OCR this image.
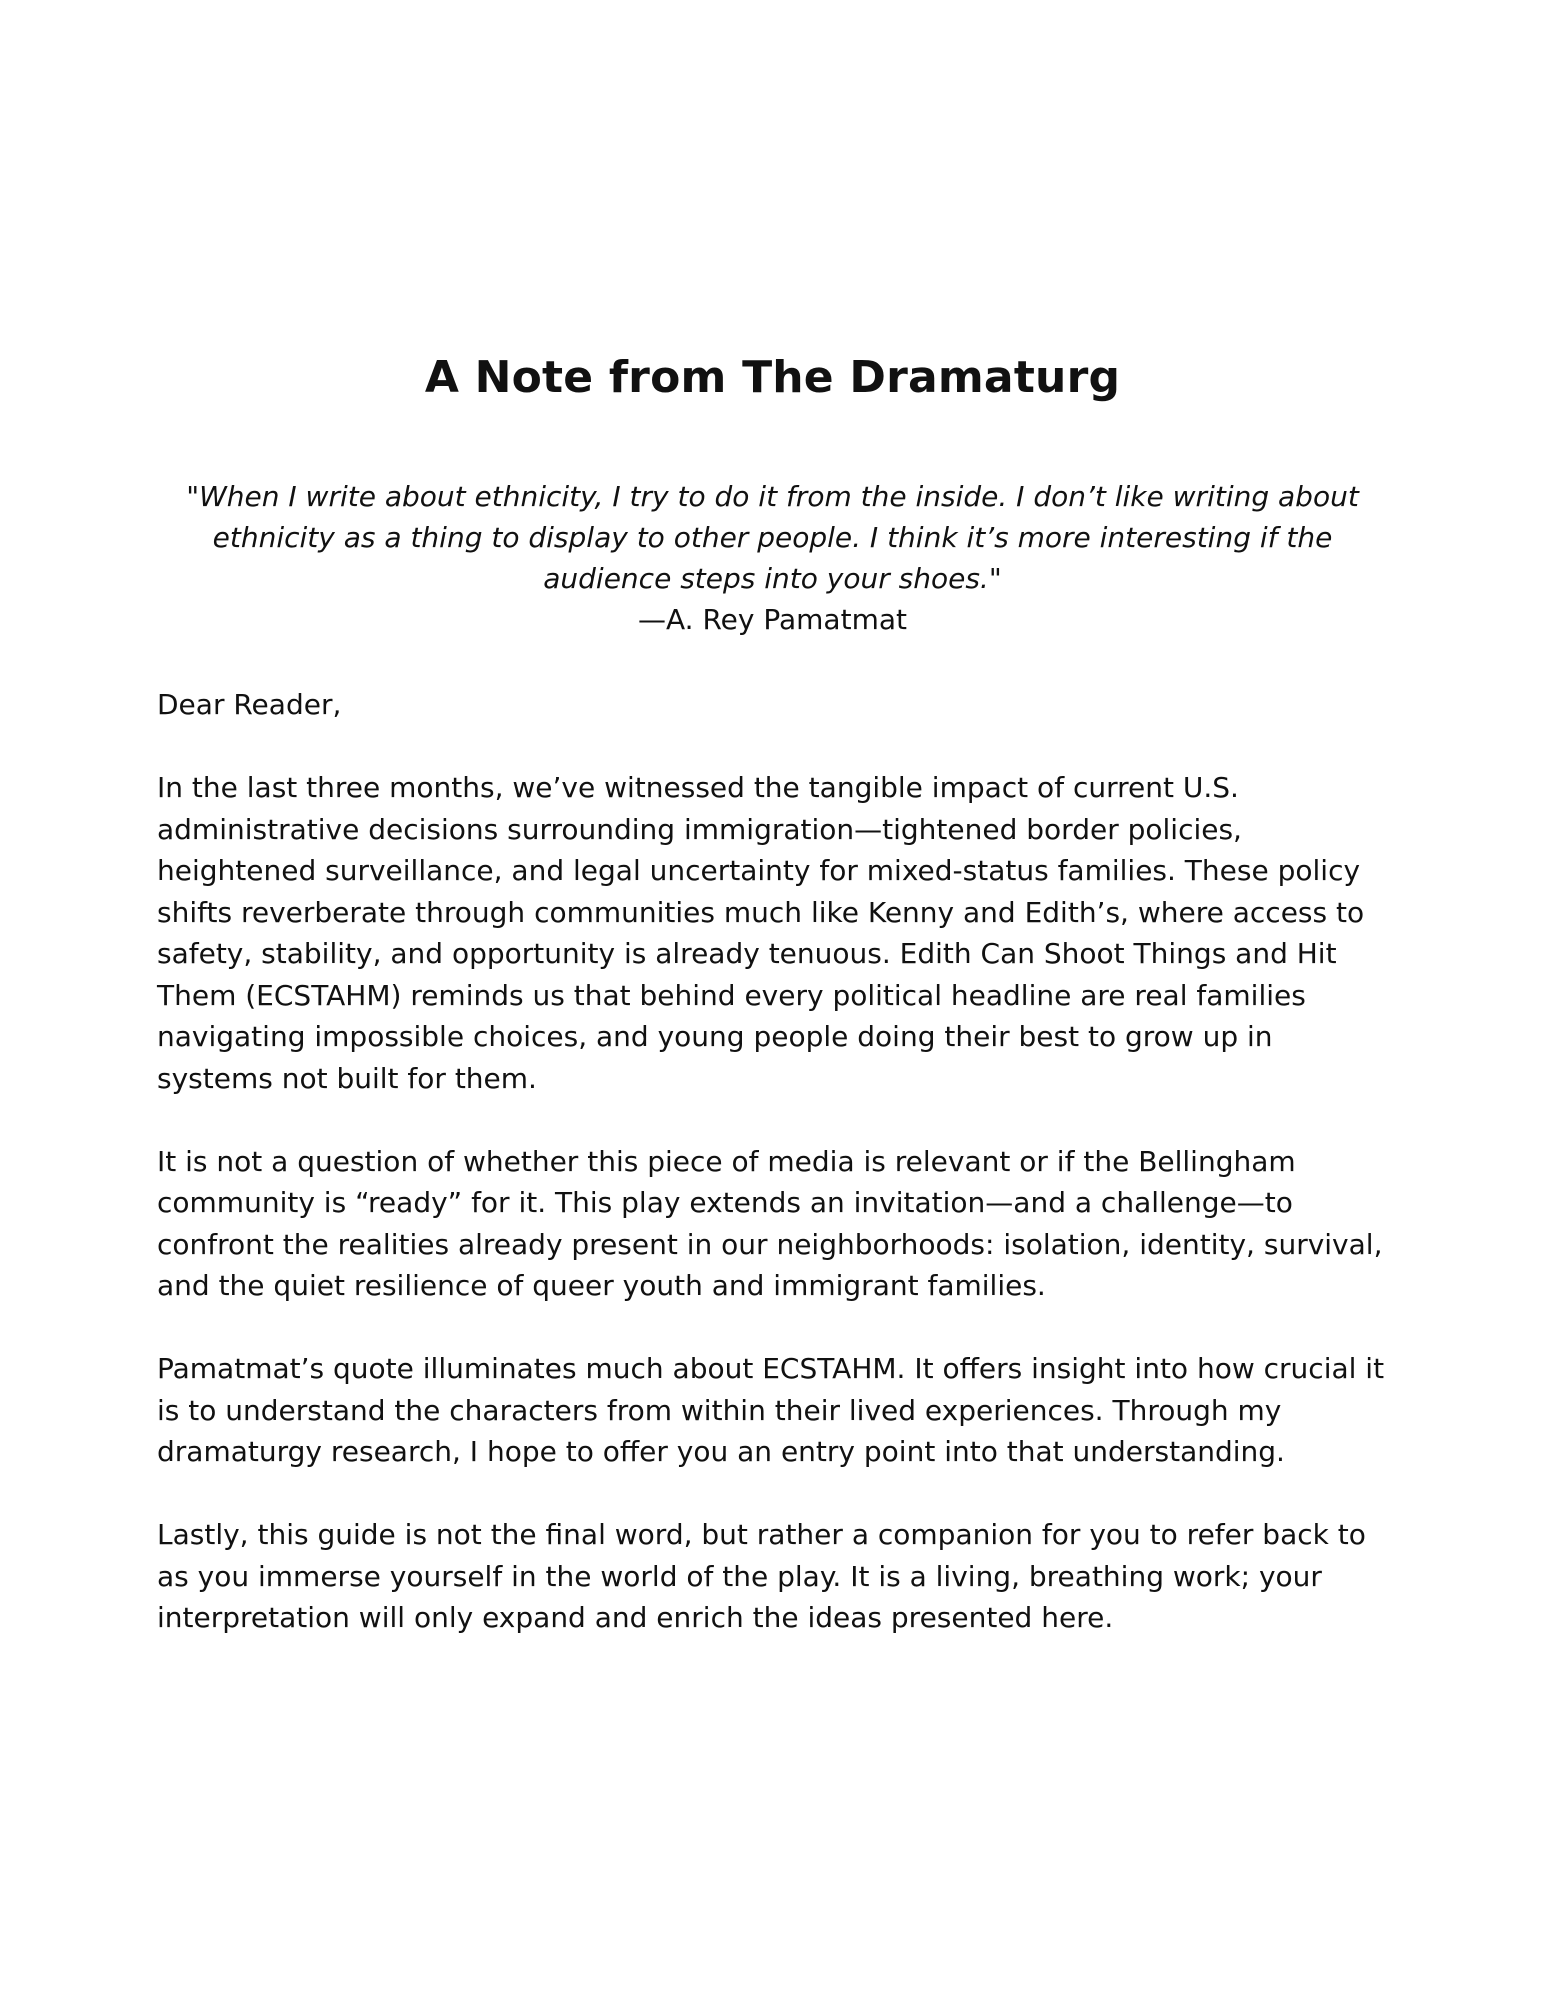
A Note from The Dramaturg

"When I write about ethnicity, I try to do it from the inside. I don’t like writing about ethnicity as a thing to display to other people. I think it’s more interesting if the audience steps into your shoes."

—A. Rey Pamatmat

Dear Reader,

In the last three months, we’ve witnessed the tangible impact of current U.S. administrative decisions surrounding immigration—tightened border policies, heightened surveillance, and legal uncertainty for mixed-status families. These policy shifts reverberate through communities much like Kenny and Edith’s, where access to safety, stability, and opportunity is already tenuous. Edith Can Shoot Things and Hit Them (ECSTAHM) reminds us that behind every political headline are real families navigating impossible choices, and young people doing their best to grow up in systems not built for them.

It is not a question of whether this piece of media is relevant or if the Bellingham community is “ready” for it. This play extends an invitation—and a challenge—to confront the realities already present in our neighborhoods: isolation, identity, survival, and the quiet resilience of queer youth and immigrant families.

Pamatmat’s quote illuminates much about ECSTAHM. It offers insight into how crucial it is to understand the characters from within their lived experiences. Through my dramaturgy research, I hope to offer you an entry point into that understanding.

Lastly, this guide is not the final word, but rather a companion for you to refer back to as you immerse yourself in the world of the play. It is a living, breathing work; your interpretation will only expand and enrich the ideas presented here.
